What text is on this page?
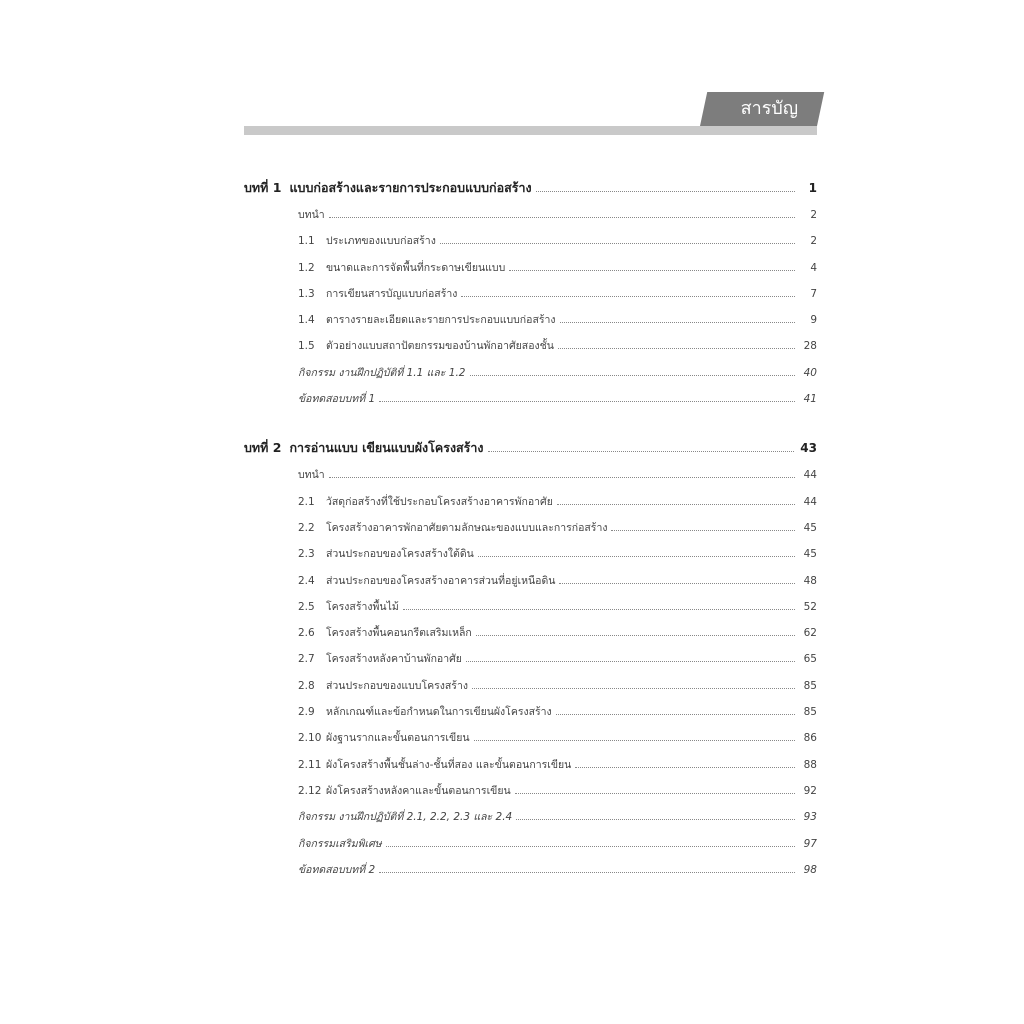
สารบัญ
บทที่ 1 แบบก่อสร้างและรายการประกอบแบบก่อสร้าง	1
บทนำ	2
1.1	ประเภทของแบบก่อสร้าง	2
1.2	ขนาดและการจัดพื้นที่กระดาษเขียนแบบ	4
1.3	การเขียนสารบัญแบบก่อสร้าง	7
1.4	ตารางรายละเอียดและรายการประกอบแบบก่อสร้าง	9
1.5	ตัวอย่างแบบสถาปัตยกรรมของบ้านพักอาศัยสองชั้น	28
กิจกรรม งานฝึกปฏิบัติที่ 1.1 และ 1.2	40
ข้อทดสอบบทที่ 1	41
บทที่ 2 การอ่านแบบ เขียนแบบผังโครงสร้าง	43
บทนำ	44
2.1	วัสดุก่อสร้างที่ใช้ประกอบโครงสร้างอาคารพักอาศัย	44
2.2	โครงสร้างอาคารพักอาศัยตามลักษณะของแบบและการก่อสร้าง	45
2.3	ส่วนประกอบของโครงสร้างใต้ดิน	45
2.4	ส่วนประกอบของโครงสร้างอาคารส่วนที่อยู่เหนือดิน	48
2.5	โครงสร้างพื้นไม้	52
2.6	โครงสร้างพื้นคอนกรีตเสริมเหล็ก	62
2.7	โครงสร้างหลังคาบ้านพักอาศัย	65
2.8	ส่วนประกอบของแบบโครงสร้าง	85
2.9	หลักเกณฑ์และข้อกำหนดในการเขียนผังโครงสร้าง	85
2.10 ผังฐานรากและขั้นตอนการเขียน	86
2.11 ผังโครงสร้างพื้นชั้นล่าง-ชั้นที่สอง และขั้นตอนการเขียน	88
2.12 ผังโครงสร้างหลังคาและขั้นตอนการเขียน	92
กิจกรรม งานฝึกปฏิบัติที่ 2.1, 2.2, 2.3 และ 2.4	93
กิจกรรมเสริมพิเศษ	97
ข้อทดสอบบทที่ 2	98
